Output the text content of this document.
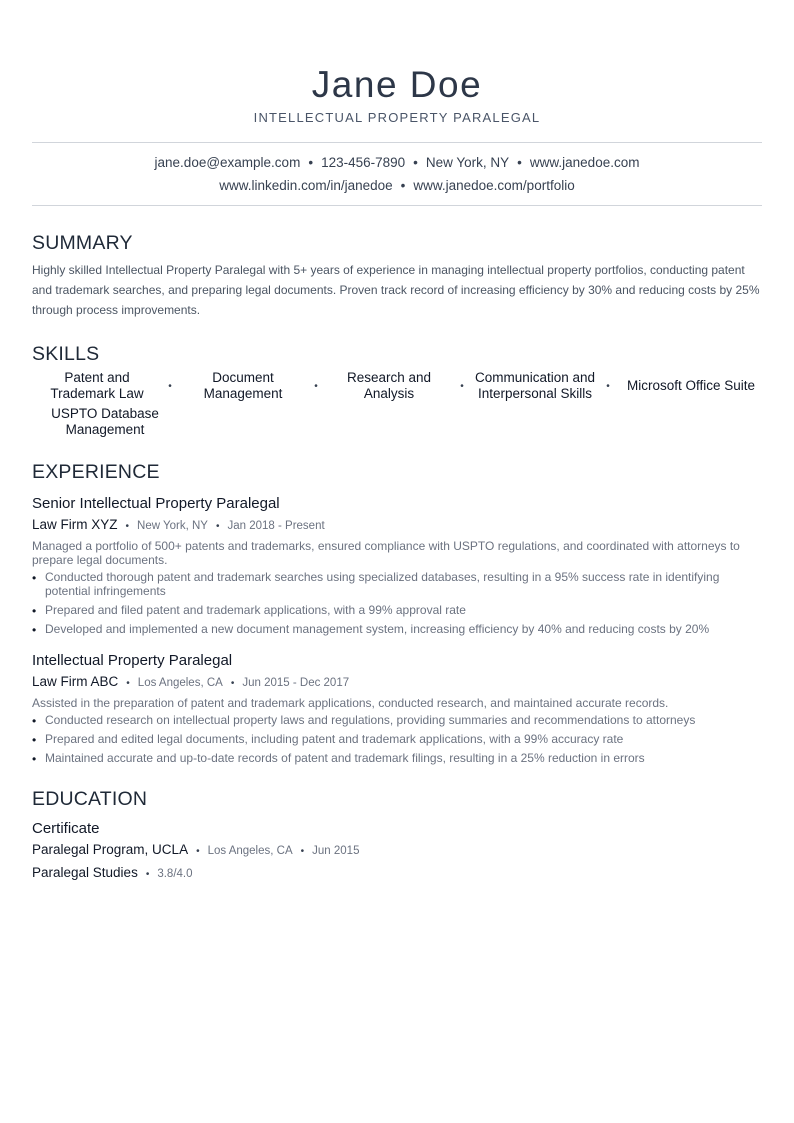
Jane Doe
INTELLECTUAL PROPERTY PARALEGAL
jane.doe@example.com • 123-456-7890 • New York, NY • www.janedoe.com
www.linkedin.com/in/janedoe • www.janedoe.com/portfolio
SUMMARY
Highly skilled Intellectual Property Paralegal with 5+ years of experience in managing intellectual property portfolios, conducting patent and trademark searches, and preparing legal documents. Proven track record of increasing efficiency by 30% and reducing costs by 25% through process improvements.
SKILLS
Patent and Trademark Law	•
Document Management	•
Research and Analysis	•
Communication and Interpersonal Skills	•	Microsoft Office Suite
USPTO Database Management
EXPERIENCE
Senior Intellectual Property Paralegal
Law Firm XYZ • New York, NY • Jan 2018 - Present
Managed a portfolio of 500+ patents and trademarks, ensured compliance with USPTO regulations, and coordinated with attorneys to prepare legal documents.
• Conducted thorough patent and trademark searches using specialized databases, resulting in a 95% success rate in identifying potential infringements
• Prepared and filed patent and trademark applications, with a 99% approval rate
• Developed and implemented a new document management system, increasing efficiency by 40% and reducing costs by 20%
Intellectual Property Paralegal
Law Firm ABC • Los Angeles, CA • Jun 2015 - Dec 2017
Assisted in the preparation of patent and trademark applications, conducted research, and maintained accurate records.
• Conducted research on intellectual property laws and regulations, providing summaries and recommendations to attorneys
• Prepared and edited legal documents, including patent and trademark applications, with a 99% accuracy rate
• Maintained accurate and up-to-date records of patent and trademark filings, resulting in a 25% reduction in errors
EDUCATION
Certificate
Paralegal Program, UCLA • Los Angeles, CA • Jun 2015
Paralegal Studies • 3.8/4.0
